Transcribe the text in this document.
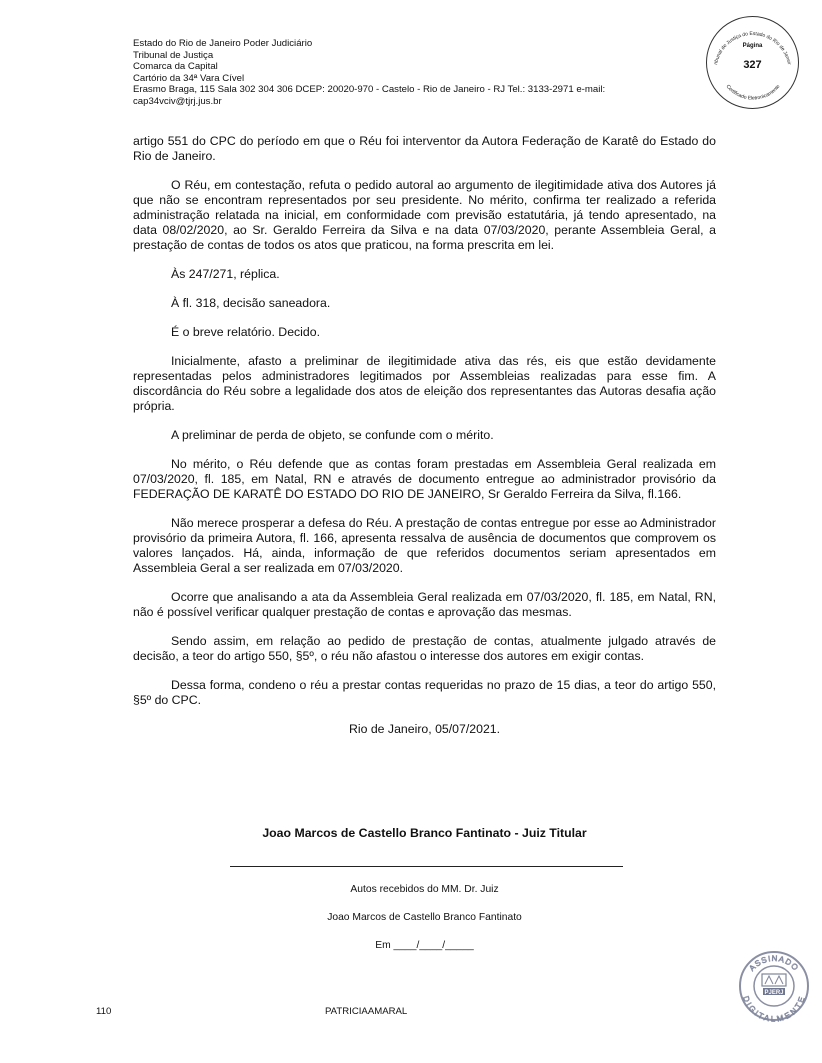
Estado do Rio de Janeiro Poder Judiciário
Tribunal de Justiça
Comarca da Capital
Cartório da 34ª Vara Cível
Erasmo Braga, 115 Sala 302 304 306 DCEP: 20020-970 - Castelo - Rio de Janeiro - RJ Tel.: 3133-2971 e-mail:
cap34vciv@tjrj.jus.br
ribunal de Justiça do Estado do Rio de Janeir
Certificado Eletronicamente
Página
327

artigo 551 do CPC do período em que o Réu foi interventor da Autora Federação de Karatê do Estado do Rio de Janeiro.

O Réu, em contestação, refuta o pedido autoral ao argumento de ilegitimidade ativa dos Autores já que não se encontram representados por seu presidente. No mérito, confirma ter realizado a referida administração relatada na inicial, em conformidade com previsão estatutária, já tendo apresentado, na data 08/02/2020, ao Sr. Geraldo Ferreira da Silva e na data 07/03/2020, perante Assembleia Geral, a prestação de contas de todos os atos que praticou, na forma prescrita em lei.

Às 247/271, réplica.

À fl. 318, decisão saneadora.

É o breve relatório. Decido.

Inicialmente, afasto a preliminar de ilegitimidade ativa das rés, eis que estão devidamente representadas pelos administradores legitimados por Assembleias realizadas para esse fim. A discordância do Réu sobre a legalidade dos atos de eleição dos representantes das Autoras desafia ação própria.

A preliminar de perda de objeto, se confunde com o mérito.

No mérito, o Réu defende que as contas foram prestadas em Assembleia Geral realizada em 07/03/2020, fl. 185, em Natal, RN e através de documento entregue ao administrador provisório da FEDERAÇÃO DE KARATÊ DO ESTADO DO RIO DE JANEIRO, Sr Geraldo Ferreira da Silva, fl.166.

Não merece prosperar a defesa do Réu. A prestação de contas entregue por esse ao Administrador provisório da primeira Autora, fl. 166, apresenta ressalva de ausência de documentos que comprovem os valores lançados. Há, ainda, informação de que referidos documentos seriam apresentados em Assembleia Geral a ser realizada em 07/03/2020.

Ocorre que analisando a ata da Assembleia Geral realizada em 07/03/2020, fl. 185, em Natal, RN, não é possível verificar qualquer prestação de contas e aprovação das mesmas.

Sendo assim, em relação ao pedido de prestação de contas, atualmente julgado através de decisão, a teor do artigo 550, §5º, o réu não afastou o interesse dos autores em exigir contas.

Dessa forma, condeno o réu a prestar contas requeridas no prazo de 15 dias, a teor do artigo 550, §5º do CPC.

Rio de Janeiro, 05/07/2021.

Joao Marcos de Castello Branco Fantinato - Juiz Titular
Autos recebidos do MM. Dr. Juiz
Joao Marcos de Castello Branco Fantinato
Em ____/____/_____
ASSINADO
DIGITALMENTE
PJERJ
110	PATRICIAAMARAL
